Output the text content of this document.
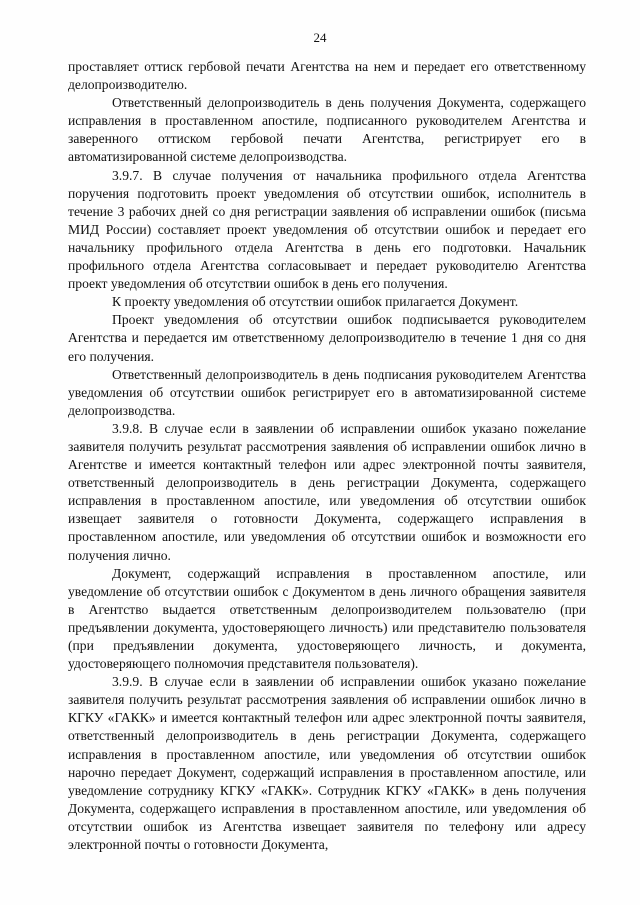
24

проставляет оттиск гербовой печати Агентства на нем и передает его ответственному делопроизводителю.

Ответственный делопроизводитель в день получения Документа, содержащего исправления в проставленном апостиле, подписанного руководителем Агентства и заверенного оттиском гербовой печати Агентства, регистрирует его в автоматизированной системе делопроизводства.

3.9.7. В случае получения от начальника профильного отдела Агентства поручения подготовить проект уведомления об отсутствии ошибок, исполнитель в течение 3 рабочих дней со дня регистрации заявления об исправлении ошибок (письма МИД России) составляет проект уведомления об отсутствии ошибок и передает его начальнику профильного отдела Агентства в день его подготовки. Начальник профильного отдела Агентства согласовывает и передает руководителю Агентства проект уведомления об отсутствии ошибок в день его получения.

К проекту уведомления об отсутствии ошибок прилагается Документ.

Проект уведомления об отсутствии ошибок подписывается руководителем Агентства и передается им ответственному делопроизводителю в течение 1 дня со дня его получения.

Ответственный делопроизводитель в день подписания руководителем Агентства уведомления об отсутствии ошибок регистрирует его в автоматизированной системе делопроизводства.

3.9.8. В случае если в заявлении об исправлении ошибок указано пожелание заявителя получить результат рассмотрения заявления об исправлении ошибок лично в Агентстве и имеется контактный телефон или адрес электронной почты заявителя, ответственный делопроизводитель в день регистрации Документа, содержащего исправления в проставленном апостиле, или уведомления об отсутствии ошибок извещает заявителя о готовности Документа, содержащего исправления в проставленном апостиле, или уведомления об отсутствии ошибок и возможности его получения лично.

Документ, содержащий исправления в проставленном апостиле, или уведомление об отсутствии ошибок с Документом в день личного обращения заявителя в Агентство выдается ответственным делопроизводителем пользователю (при предъявлении документа, удостоверяющего личность) или представителю пользователя (при предъявлении документа, удостоверяющего личность, и документа, удостоверяющего полномочия представителя пользователя).

3.9.9. В случае если в заявлении об исправлении ошибок указано пожелание заявителя получить результат рассмотрения заявления об исправлении ошибок лично в КГКУ «ГАКК» и имеется контактный телефон или адрес электронной почты заявителя, ответственный делопроизводитель в день регистрации Документа, содержащего исправления в проставленном апостиле, или уведомления об отсутствии ошибок нарочно передает Документ, содержащий исправления в проставленном апостиле, или уведомление сотруднику КГКУ «ГАКК». Сотрудник КГКУ «ГАКК» в день получения Документа, содержащего исправления в проставленном апостиле, или уведомления об отсутствии ошибок из Агентства извещает заявителя по телефону или адресу электронной почты о готовности Документа,
